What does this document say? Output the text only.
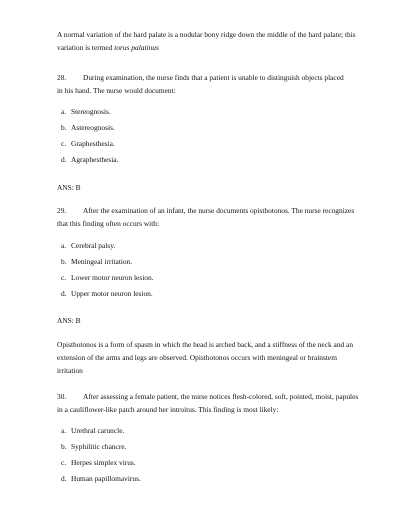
A normal variation of the hard palate is a nodular bony ridge down the middle of the hard palate; this
variation is termed torus palatinus
28. During examination, the nurse finds that a patient is unable to distinguish objects placed
in his hand. The nurse would document:
a. Stereognosis.
b. Astereognosis.
c. Graphesthesia.
d. Agraphesthesia.
ANS: B
29. After the examination of an infant, the nurse documents opisthotonos. The nurse recognizes
that this finding often occurs with:
a. Cerebral palsy.
b. Meningeal irritation.
c. Lower motor neuron lesion.
d. Upper motor neuron lesion.
ANS: B
Opisthotonos is a form of spasm in which the head is arched back, and a stiffness of the neck and an
extension of the arms and legs are observed. Opisthotonos occurs with meningeal or brainstem
irritation
30. After assessing a female patient, the nurse notices flesh-colored, soft, pointed, moist, papules
in a cauliflower-like patch around her introitus. This finding is most likely:
a. Urethral caruncle.
b. Syphilitic chancre.
c. Herpes simplex virus.
d. Human papillomavirus.
